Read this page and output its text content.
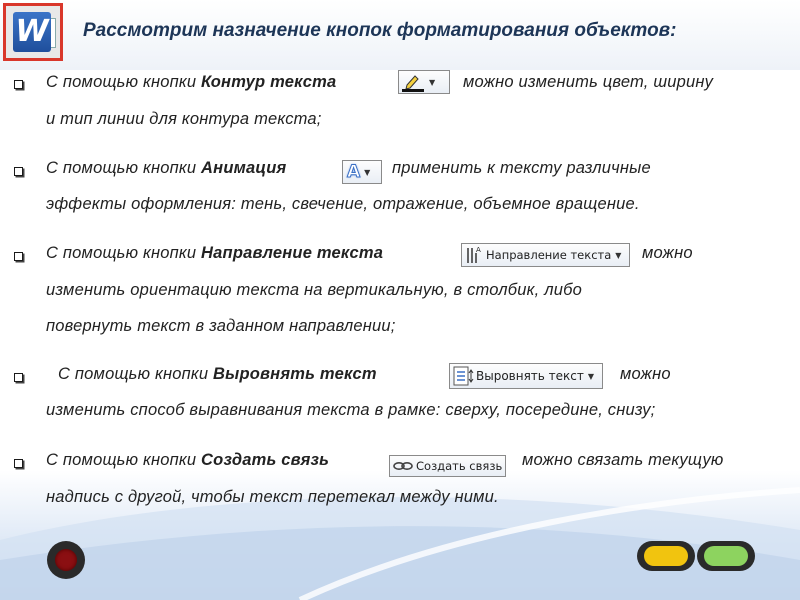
W Рассмотрим назначение кнопок форматирования объектов:
С помощью кнопки Контур текста	▼ можно изменить цвет, ширину
и тип линии для контура текста;
С помощью кнопки Анимация	A ▼ применить к тексту различные
эффекты оформления: тень, свечение, отражение, объемное вращение.
С помощью кнопки Направление текста	A Направление текста ▼ можно
изменить ориентацию текста на вертикальную, в столбик, либо
повернуть текст в заданном направлении;
С помощью кнопки Выровнять текст	Выровнять текст ▼ можно
изменить способ выравнивания текста в рамке: сверху, посередине, снизу;
С помощью кнопки Создать связь	Создать связь можно связать текущую
надпись с другой, чтобы текст перетекал между ними.
